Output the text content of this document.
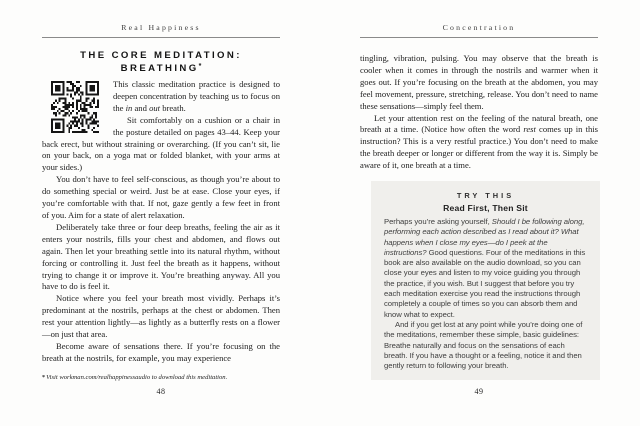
Real Happiness
THE CORE MEDITATION:
BREATHING*

This classic meditation practice is designed to deepen concentration by teaching us to focus on the in and out breath.

Sit comfortably on a cushion or a chair in the posture detailed on pages 43–44. Keep your back erect, but without straining or overarching. (If you can’t sit, lie on your back, on a yoga mat or folded blanket, with your arms at your sides.)

You don’t have to feel self-conscious, as though you’re about to do something special or weird. Just be at ease. Close your eyes, if you’re comfortable with that. If not, gaze gently a few feet in front of you. Aim for a state of alert relaxation.

Deliberately take three or four deep breaths, feeling the air as it enters your nostrils, fills your chest and abdomen, and flows out again. Then let your breathing settle into its natural rhythm, without forcing or controlling it. Just feel the breath as it happens, without trying to change it or improve it. You’re breathing anyway. All you have to do is feel it.

Notice where you feel your breath most vividly. Perhaps it’s predominant at the nostrils, perhaps at the chest or abdomen. Then rest your attention lightly—as lightly as a butterfly rests on a flower—on just that area.

Become aware of sensations there. If you’re focusing on the breath at the nostrils, for example, you may experience

*Visit workman.com/realhappinessaudio to download this meditation.
48
Concentration

tingling, vibration, pulsing. You may observe that the breath is cooler when it comes in through the nostrils and warmer when it goes out. If you’re focusing on the breath at the abdomen, you may feel movement, pressure, stretching, release. You don’t need to name these sensations—simply feel them.

Let your attention rest on the feeling of the natural breath, one breath at a time. (Notice how often the word rest comes up in this instruction? This is a very restful practice.) You don’t need to make the breath deeper or longer or different from the way it is. Simply be aware of it, one breath at a time.

TRY THIS

Read First, Then Sit

Perhaps you’re asking yourself, Should I be following along, performing each action described as I read about it? What happens when I close my eyes—do I peek at the instructions? Good questions. Four of the meditations in this book are also available on the audio download, so you can close your eyes and listen to my voice guiding you through the practice, if you wish. But I suggest that before you try each meditation exercise you read the instructions through completely a couple of times so you can absorb them and know what to expect.

And if you get lost at any point while you’re doing one of the meditations, remember these simple, basic guidelines: Breathe naturally and focus on the sensations of each breath. If you have a thought or a feeling, notice it and then gently return to following your breath.

49
